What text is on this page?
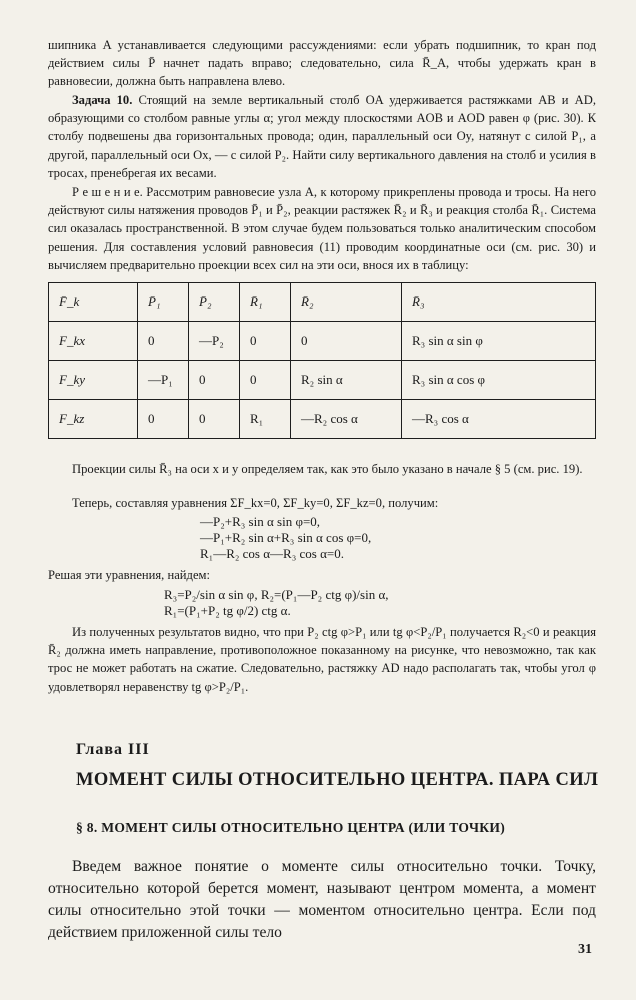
шипника A устанавливается следующими рассуждениями: если убрать подшипник, то кран под действием силы P̄ начнет падать вправо; следовательно, сила R̄_A, чтобы удержать кран в равновесии, должна быть направлена влево.

Задача 10. Стоящий на земле вертикальный столб OA удерживается растяжками AB и AD, образующими со столбом равные углы α; угол между плоскостями AOB и AOD равен φ (рис. 30). К столбу подвешены два горизонтальных провода; один, параллельный оси Oy, натянут с силой P₁, а другой, параллельный оси Ox, — с силой P₂. Найти силу вертикального давления на столб и усилия в тросах, пренебрегая их весами.

Р е ш е н и е. Рассмотрим равновесие узла A, к которому прикреплены провода и тросы. На него действуют силы натяжения проводов P̄₁ и P̄₂, реакции растяжек R̄₂ и R̄₃ и реакция столба R̄₁. Система сил оказалась пространственной. В этом случае будем пользоваться только аналитическим способом решения. Для составления условий равновесия (11) проводим координатные оси (см. рис. 30) и вычисляем предварительно проекции всех сил на эти оси, внося их в таблицу:

F̄_k	P̄₁	P̄₂	R̄₁	R̄₂	R̄₃
F_kx	0	—P₂	0	0	R₃ sin α sin φ
F_ky	—P₁	0	0	R₂ sin α	R₃ sin α cos φ
F_kz	0	0	R₁	—R₂ cos α	—R₃ cos α

Проекции силы R̄₃ на оси x и y определяем так, как это было указано в начале § 5 (см. рис. 19).

Теперь, составляя уравнения ΣF_kx=0, ΣF_ky=0, ΣF_kz=0, получим:

—P₂+R₃ sin α sin φ=0,

—P₁+R₂ sin α+R₃ sin α cos φ=0,

R₁—R₂ cos α—R₃ cos α=0.

Решая эти уравнения, найдем:

R₃=P₂/sin α sin φ, R₂=(P₁—P₂ ctg φ)/sin α,

R₁=(P₁+P₂ tg φ/2) ctg α.

Из полученных результатов видно, что при P₂ ctg φ>P₁ или tg φ<P₂/P₁ получается R₂<0 и реакция R̄₂ должна иметь направление, противоположное показанному на рисунке, что невозможно, так как трос не может работать на сжатие. Следовательно, растяжку AD надо располагать так, чтобы угол φ удовлетворял неравенству tg φ>P₂/P₁.

Глава III

МОМЕНТ СИЛЫ ОТНОСИТЕЛЬНО ЦЕНТРА. ПАРА СИЛ

§ 8. МОМЕНТ СИЛЫ ОТНОСИТЕЛЬНО ЦЕНТРА (ИЛИ ТОЧКИ)

Введем важное понятие о моменте силы относительно точки. Точку, относительно которой берется момент, называют центром момента, а момент силы относительно этой точки — моментом относительно центра. Если под действием приложенной силы тело

31
